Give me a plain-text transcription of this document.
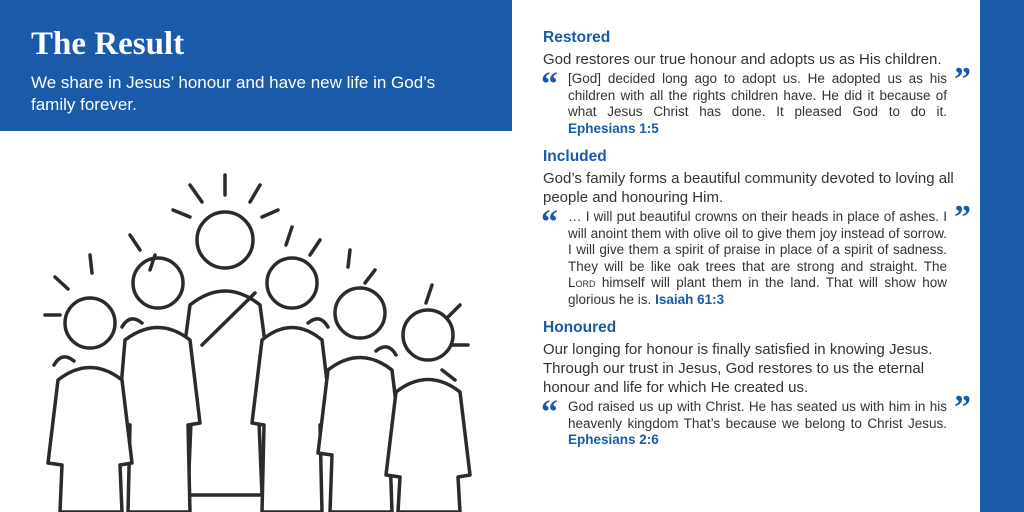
The Result

We share in Jesus’ honour and have new life in God’s family forever.

Restored

God restores our true honour and adopts us as His children.

“ [God] decided long ago to adopt us. He adopted us as his children with all the rights children have. He did it because of what Jesus Christ has done. It pleased God to do it. Ephesians 1:5
”
Included

God’s family forms a beautiful community devoted to loving all people and honouring Him.

“ … I will put beautiful crowns on their heads in place of ashes. I will anoint them with olive oil to give them joy instead of sorrow. I will give them a spirit of praise in place of a spirit of sadness. They will be like oak trees that are strong and straight. The Lord himself will plant them in the land. That will show how glorious he is. Isaiah 61:3
”
Honoured

Our longing for honour is finally satisfied in knowing Jesus. Through our trust in Jesus, God restores to us the eternal honour and life for which He created us.

“ God raised us up with Christ. He has seated us with him in his heavenly kingdom That’s because we belong to Christ Jesus. Ephesians 2:6
”
